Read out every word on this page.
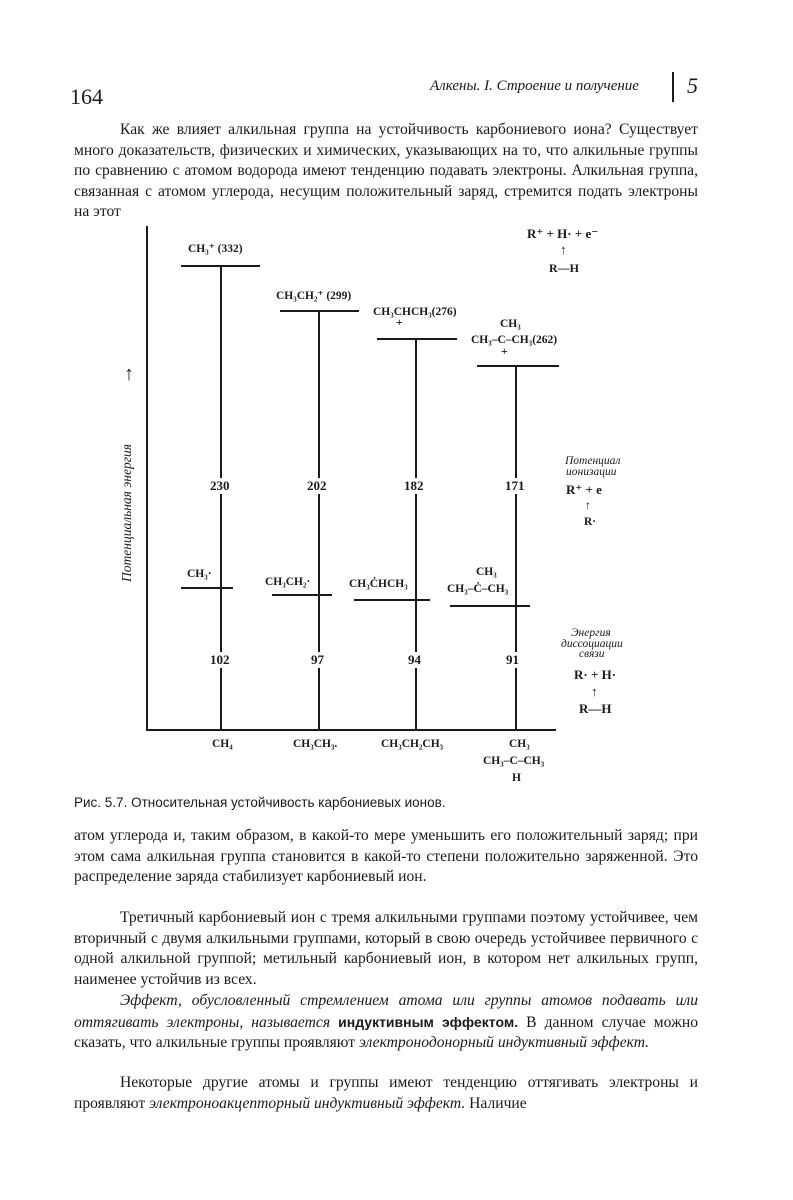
164	Алкены. I. Строение и получение 5
Как же влияет алкильная группа на устойчивость карбониевого иона? Существует много доказательств, физических и химических, указывающих на то, что алкильные группы по сравнению с атомом водорода имеют тенденцию подавать электроны. Алкильная группа, связанная с атомом углерода, несущим положительный заряд, стремится подать электроны на этот
Потенциальная энергия
↑
CH₃⁺ (332)
230
CH₃·
102
CH₄
CH₃CH₂⁺ (299)
202
CH₃CH₂·
97
CH₃CH₃.
CH₃CHCH₃(276)
+
182
CH₃ĊHCH₃
94
CH₃CH₂CH₃
CH₃
CH₃–C–CH₃(262)
+
171
CH₃
CH₃–Ċ–CH₃
91
CH₃
CH₃–C–CH₃
H
R⁺ + H· + e⁻
↑
R—H
Потенциал
ионизации
R⁺ + e
↑
R·
Энергия
диссоциации
связи
R· + H·
↑
R—H
Рис. 5.7. Относительная устойчивость карбониевых ионов.
атом углерода и, таким образом, в какой-то мере уменьшить его положительный заряд; при этом сама алкильная группа становится в какой-то степени положительно заряженной. Это распределение заряда стабилизует карбониевый ион.
Третичный карбониевый ион с тремя алкильными группами поэтому устойчивее, чем вторичный с двумя алкильными группами, который в свою очередь устойчивее первичного с одной алкильной группой; метильный карбониевый ион, в котором нет алкильных групп, наименее устойчив из всех.
Эффект, обусловленный стремлением атома или группы атомов подавать или оттягивать электроны, называется индуктивным эффектом. В данном случае можно сказать, что алкильные группы проявляют электронодонорный индуктивный эффект.
Некоторые другие атомы и группы имеют тенденцию оттягивать электроны и проявляют электроноакцепторный индуктивный эффект. Наличие
